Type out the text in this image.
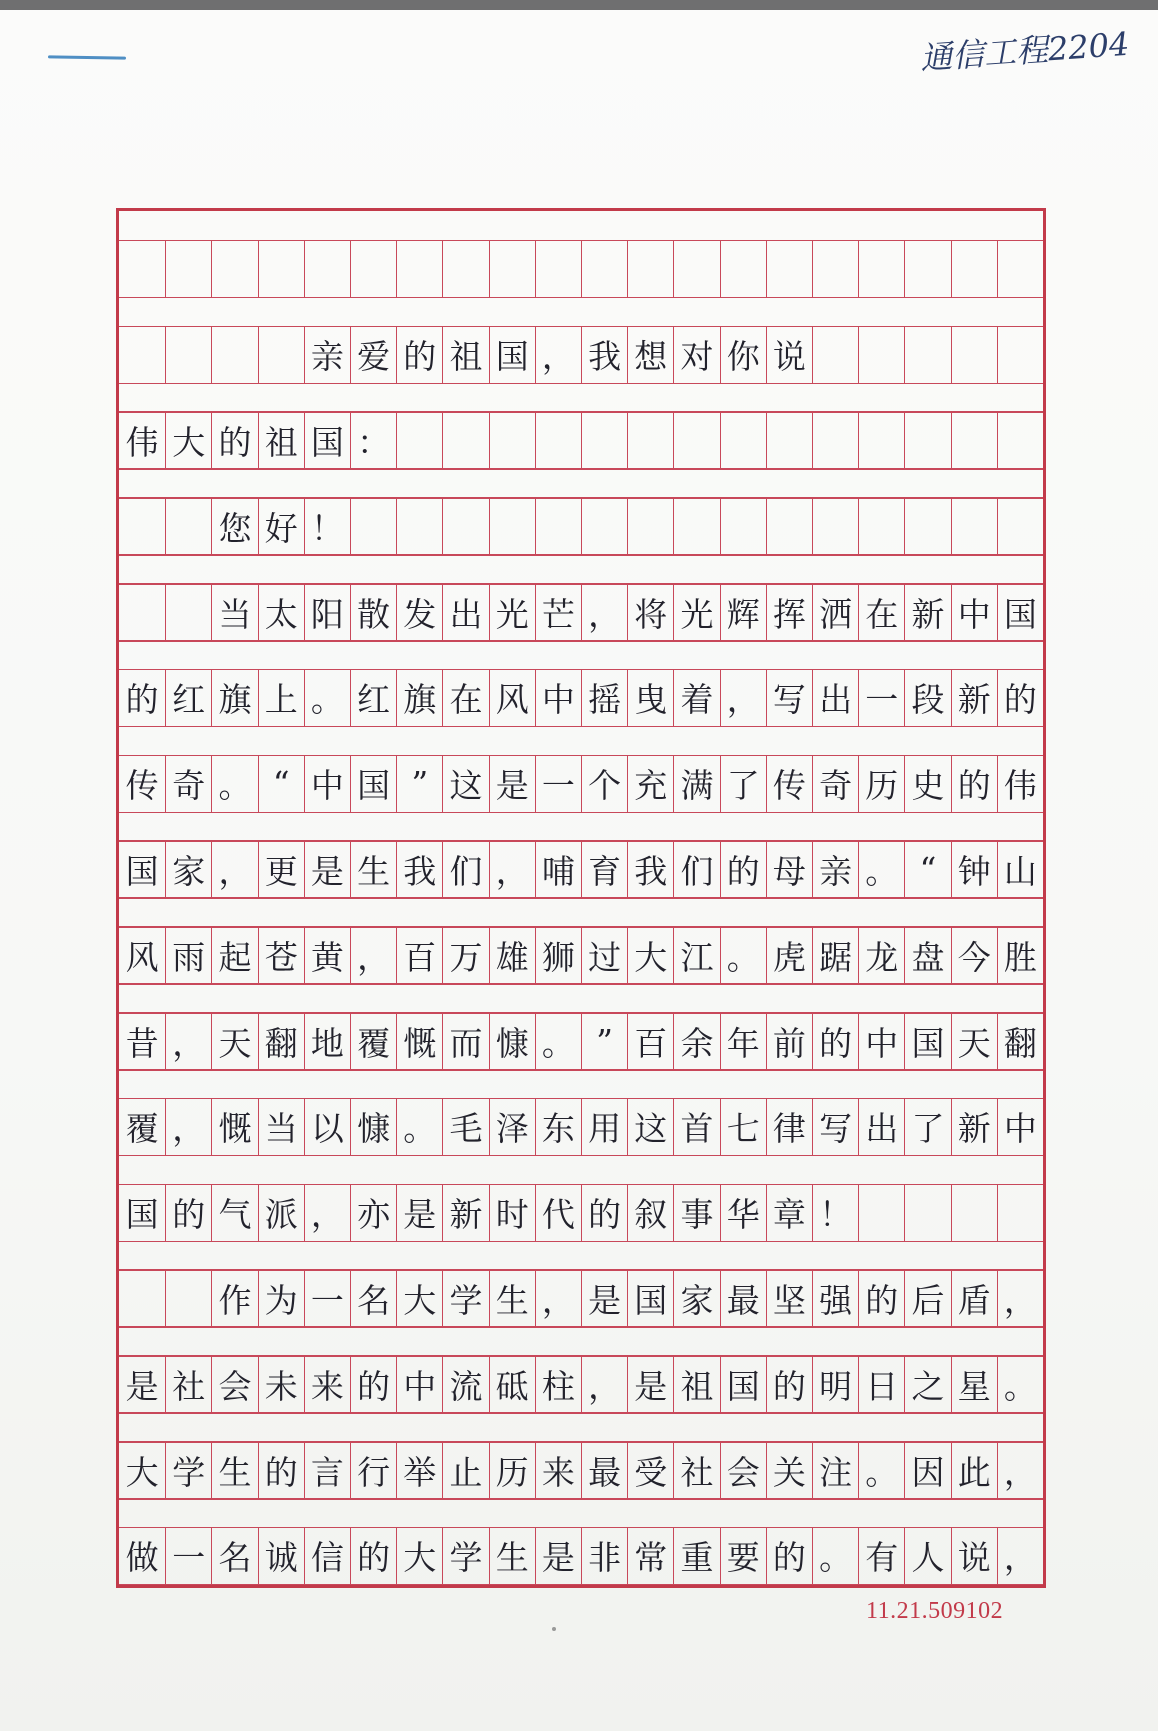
通信工程2204
亲 爱 的 祖 国 ， 我 想 对 你 说
伟 大 的 祖 国 ：
您 好 ！
当 太 阳 散 发 出 光 芒 ， 将 光 辉 挥 洒 在 新 中 国
的 红 旗 上 。 红 旗 在 风 中 摇 曳 着 ， 写 出 一 段 新 的
传 奇 。 “ 中 国 ” 这 是 一 个 充 满 了 传 奇 历 史 的 伟
国 家 ， 更 是 生 我 们 ， 哺 育 我 们 的 母 亲 。 “ 钟 山
风 雨 起 苍 黄 ， 百 万 雄 狮 过 大 江 。 虎 踞 龙 盘 今 胜
昔 ， 天 翻 地 覆 慨 而 慷 。 ” 百 余 年 前 的 中 国 天 翻
覆 ， 慨 当 以 慷 。 毛 泽 东 用 这 首 七 律 写 出 了 新 中
国 的 气 派 ， 亦 是 新 时 代 的 叙 事 华 章 ！
作 为 一 名 大 学 生 ， 是 国 家 最 坚 强 的 后 盾 ，
是 社 会 未 来 的 中 流 砥 柱 ， 是 祖 国 的 明 日 之 星 。
大 学 生 的 言 行 举 止 历 来 最 受 社 会 关 注 。 因 此 ，
做 一 名 诚 信 的 大 学 生 是 非 常 重 要 的 。 有 人 说 ，
11.21.509102
